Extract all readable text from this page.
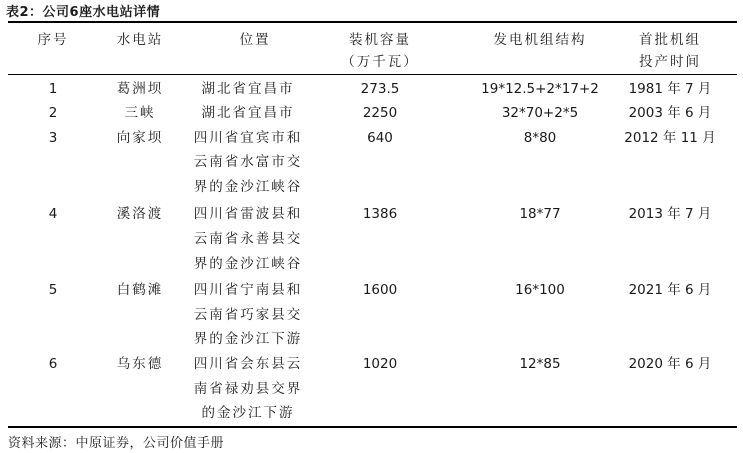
表2：公司6座水电站详情
序号	水电站	位置	装机容量
（万千瓦）
发电机组结构	首批机组
投产时间
1	葛洲坝	湖北省宜昌市	273.5	19*12.5+2*17+2	1981 年 7 月
2	三峡	湖北省宜昌市	2250	32*70+2*5	2003 年 6 月
3	向家坝	四川省宜宾市和
云南省水富市交
界的金沙江峡谷
640	8*80	2012 年 11 月
4	溪洛渡	四川省雷波县和
云南省永善县交
界的金沙江峡谷
1386	18*77	2013 年 7 月
5	白鹤滩	四川省宁南县和
云南省巧家县交
界的金沙江下游
1600	16*100	2021 年 6 月
6	乌东德	四川省会东县云
南省禄劝县交界
的金沙江下游
1020	12*85	2020 年 6 月
资料来源：中原证券，公司价值手册
